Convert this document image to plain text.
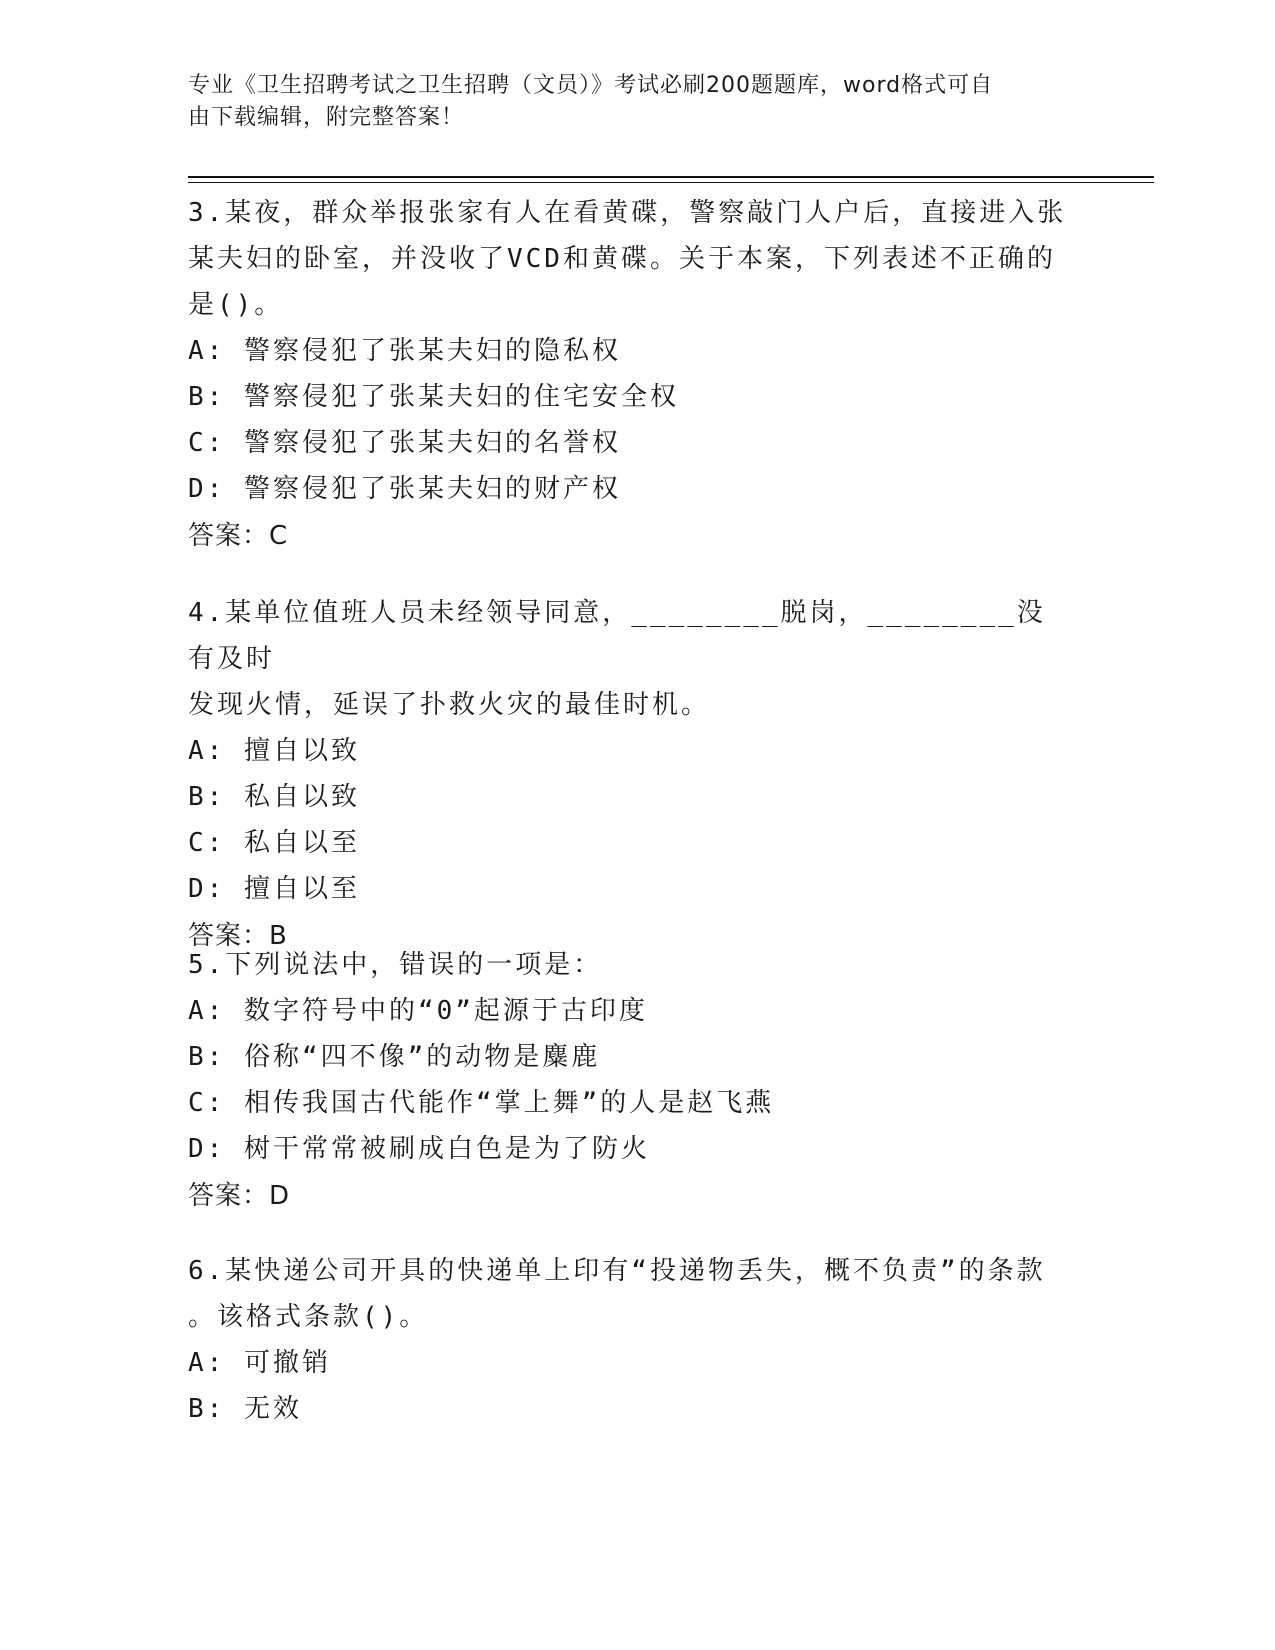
专业《卫生招聘考试之卫生招聘（文员）》考试必刷200题题库，word格式可自
由下载编辑，附完整答案！

3.某夜，群众举报张家有人在看黄碟，警察敲门人户后，直接进入张

某夫妇的卧室，并没收了VCD和黄碟。关于本案，下列表述不正确的

是()。

A: 警察侵犯了张某夫妇的隐私权

B: 警察侵犯了张某夫妇的住宅安全权

C: 警察侵犯了张某夫妇的名誉权

D: 警察侵犯了张某夫妇的财产权

答案：C

4.某单位值班人员未经领导同意，________脱岗，________没有及时

发现火情，延误了扑救火灾的最佳时机。

A: 擅自以致

B: 私自以致

C: 私自以至

D: 擅自以至

答案：B

5.下列说法中，错误的一项是：

A: 数字符号中的“0”起源于古印度

B: 俗称“四不像”的动物是麋鹿

C: 相传我国古代能作“掌上舞”的人是赵飞燕

D: 树干常常被刷成白色是为了防火

答案：D

6.某快递公司开具的快递单上印有“投递物丢失，概不负责”的条款

。该格式条款()。

A: 可撤销

B: 无效
